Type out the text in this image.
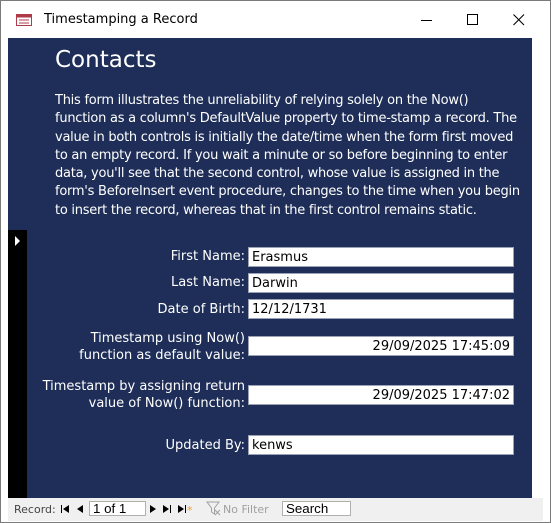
Timestamping a Record
Contacts
This form illustrates the unreliability of relying solely on the Now() function as a column's DefaultValue property to time-stamp a record. The value in both controls is initially the date/time when the form first moved to an empty record. If you wait a minute or so before beginning to enter data, you'll see that the second control, whose value is assigned in the form's BeforeInsert event procedure, changes to the time when you begin to insert the record, whereas that in the first control remains static.
First Name:
Erasmus
Last Name:
Darwin
Date of Birth:
12/12/1731
Timestamp using Now()
function as default value:
29/09/2025 17:45:09
Timestamp by assigning return
value of Now() function:
29/09/2025 17:47:02
Updated By:
kenws
Record:
1 of 1	*	No Filter
Search
